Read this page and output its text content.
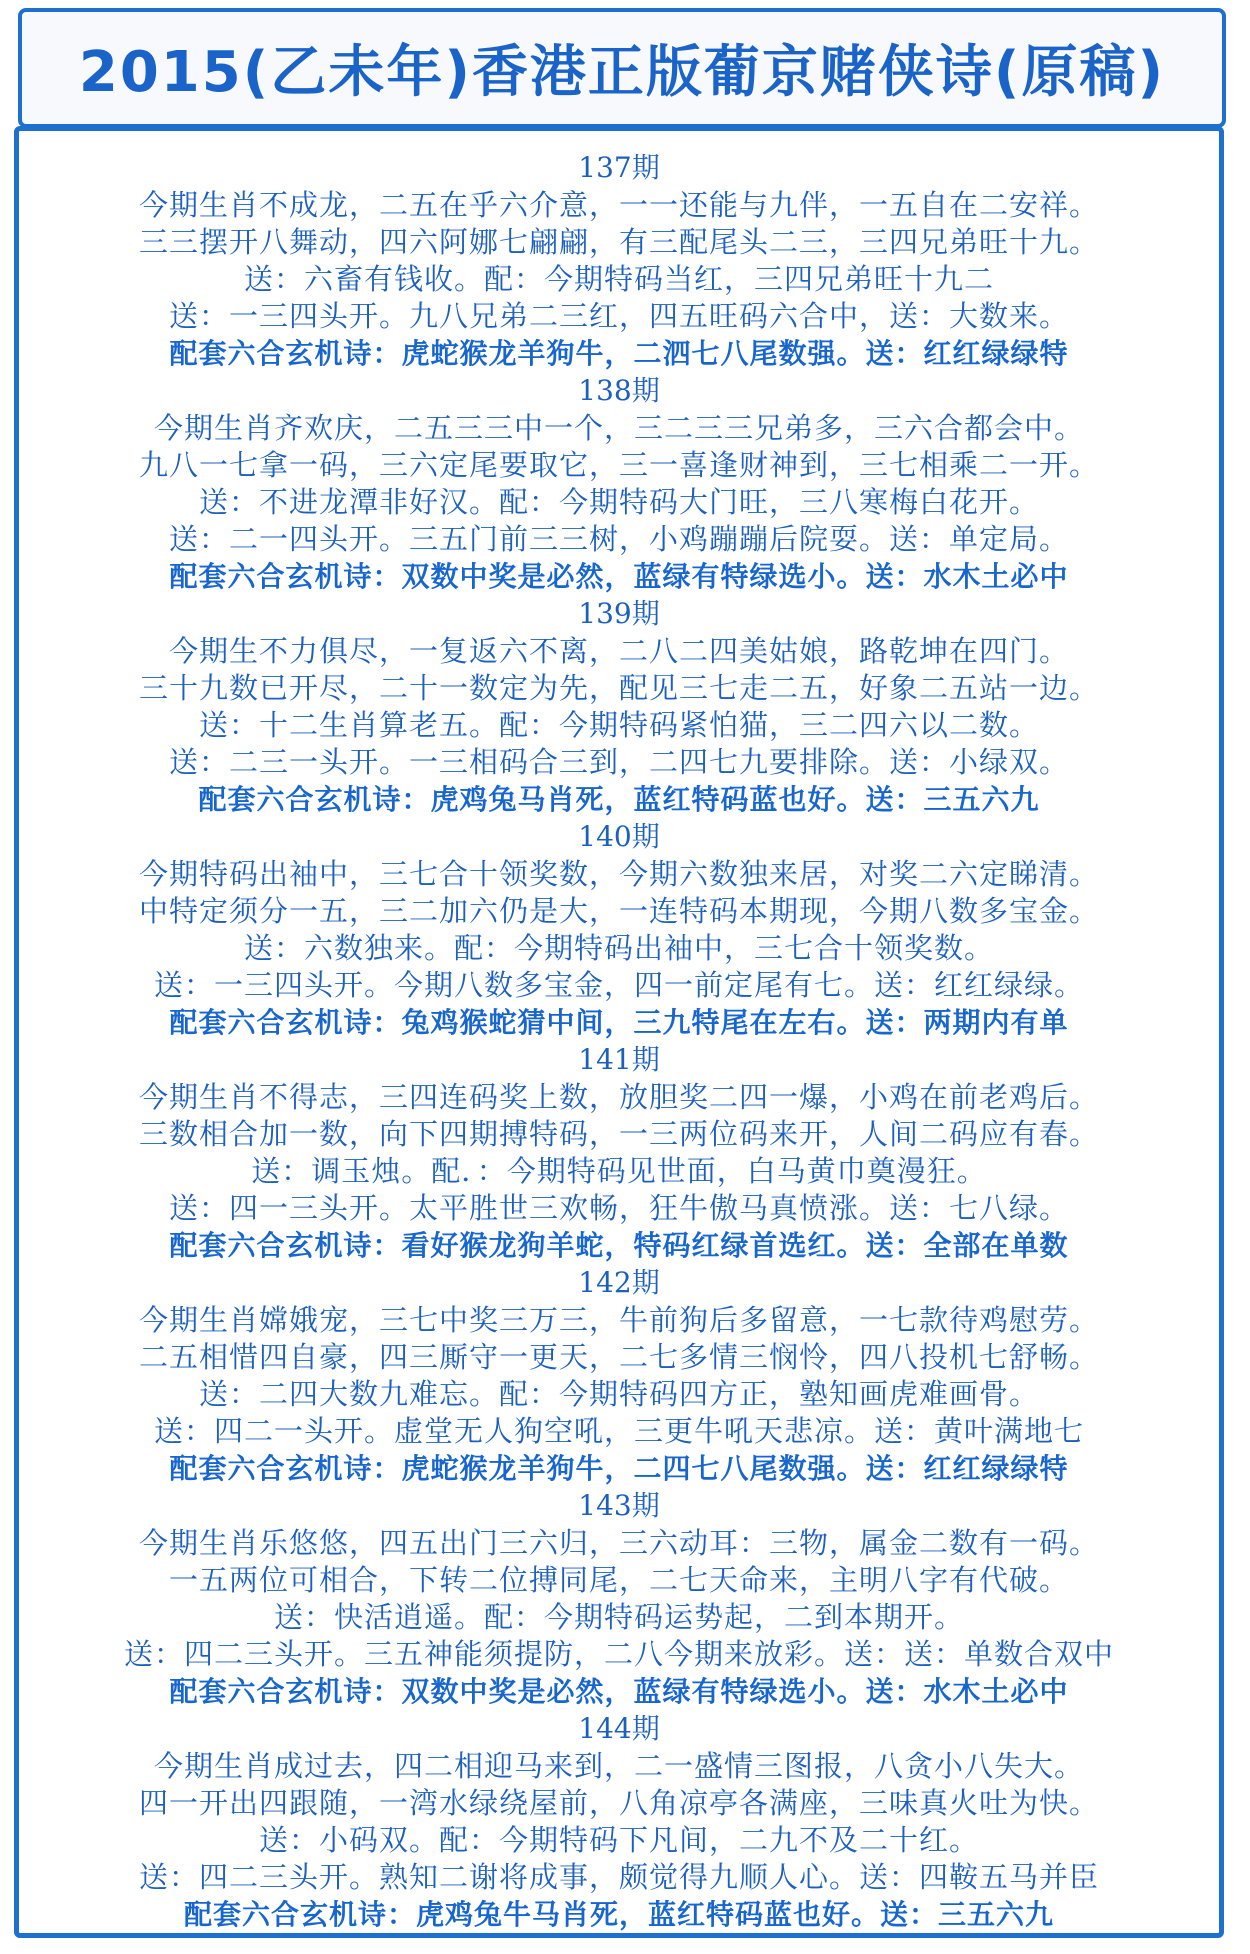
2015(乙未年)香港正版葡京赌侠诗(原稿)
137期
今期生肖不成龙，二五在乎六介意，一一还能与九伴，一五自在二安祥。
三三摆开八舞动，四六阿娜七翩翩，有三配尾头二三，三四兄弟旺十九。
送：六畜有钱收。配：今期特码当红，三四兄弟旺十九二
送：一三四头开。九八兄弟二三红，四五旺码六合中，送：大数来。
配套六合玄机诗：虎蛇猴龙羊狗牛，二泗七八尾数强。送：红红绿绿特
138期
今期生肖齐欢庆，二五三三中一个，三二三三兄弟多，三六合都会中。
九八一七拿一码，三六定尾要取它，三一喜逢财神到，三七相乘二一开。
送：不进龙潭非好汉。配：今期特码大门旺，三八寒梅白花开。
送：二一四头开。三五门前三三树，小鸡蹦蹦后院耍。送：单定局。
配套六合玄机诗：双数中奖是必然，蓝绿有特绿选小。送：水木土必中
139期
今期生不力俱尽，一复返六不离，二八二四美姑娘，路乾坤在四门。
三十九数已开尽，二十一数定为先，配见三七走二五，好象二五站一边。
送：十二生肖算老五。配：今期特码紧怕猫，三二四六以二数。
送：二三一头开。一三相码合三到，二四七九要排除。送：小绿双。
配套六合玄机诗：虎鸡兔马肖死，蓝红特码蓝也好。送：三五六九
140期
今期特码出袖中，三七合十领奖数，今期六数独来居，对奖二六定睇清。
中特定须分一五，三二加六仍是大，一连特码本期现，今期八数多宝金。
送：六数独来。配：今期特码出袖中，三七合十领奖数。
送：一三四头开。今期八数多宝金，四一前定尾有七。送：红红绿绿。
配套六合玄机诗：兔鸡猴蛇猜中间，三九特尾在左右。送：两期内有单
141期
今期生肖不得志，三四连码奖上数，放胆奖二四一爆，小鸡在前老鸡后。
三数相合加一数，向下四期搏特码，一三两位码来开，人间二码应有春。
送：调玉烛。配．：今期特码见世面，白马黄巾奠漫狂。
送：四一三头开。太平胜世三欢畅，狂牛傲马真愤涨。送：七八绿。
配套六合玄机诗：看好猴龙狗羊蛇，特码红绿首选红。送：全部在单数
142期
今期生肖嫦娥宠，三七中奖三万三，牛前狗后多留意，一七款待鸡慰劳。
二五相惜四自豪，四三厮守一更天，二七多情三悯怜，四八投机七舒畅。
送：二四大数九难忘。配：今期特码四方正，塾知画虎难画骨。
送：四二一头开。虚堂无人狗空吼，三更牛吼天悲凉。送：黄叶满地七
配套六合玄机诗：虎蛇猴龙羊狗牛，二四七八尾数强。送：红红绿绿特
143期
今期生肖乐悠悠，四五出门三六归，三六动耳：三物，属金二数有一码。
一五两位可相合，下转二位搏同尾，二七天命来，主明八字有代破。
送：快活逍遥。配：今期特码运势起，二到本期开。
送：四二三头开。三五神能须提防，二八今期来放彩。送：送：单数合双中
配套六合玄机诗：双数中奖是必然，蓝绿有特绿选小。送：水木土必中
144期
今期生肖成过去，四二相迎马来到，二一盛情三图报，八贪小八失大。
四一开出四跟随，一湾水绿绕屋前，八角凉亭各满座，三味真火吐为快。
送：小码双。配：今期特码下凡间，二九不及二十红。
送：四二三头开。熟知二谢将成事，颇觉得九顺人心。送：四鞍五马并臣
配套六合玄机诗：虎鸡兔牛马肖死，蓝红特码蓝也好。送：三五六九
